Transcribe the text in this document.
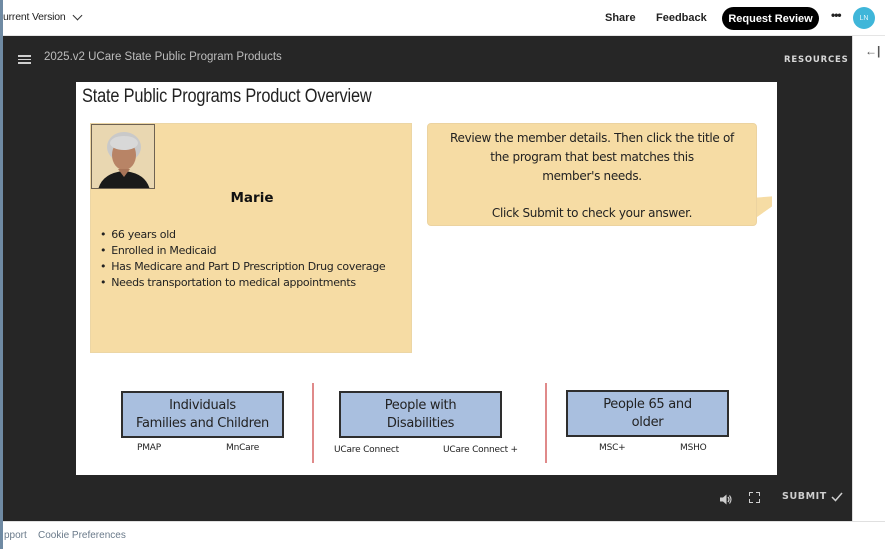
urrent Version	Share Feedback	Request Review	•••	LN
2025.v2 UCare State Public Program Products	RESOURCES
State Public Programs Product Overview
Marie
• 66 years old
• Enrolled in Medicaid
• Has Medicare and Part D Prescription Drug coverage
• Needs transportation to medical appointments

Review the member details. Then click the title of

the program that best matches this

member's needs.

Click Submit to check your answer.

Individuals
Families and Children
PMAP	MnCare
People with
Disabilities
UCare Connect	UCare Connect +
People 65 and
older
MSC+	MSHO
SUBMIT
←|
pport Cookie Preferences
